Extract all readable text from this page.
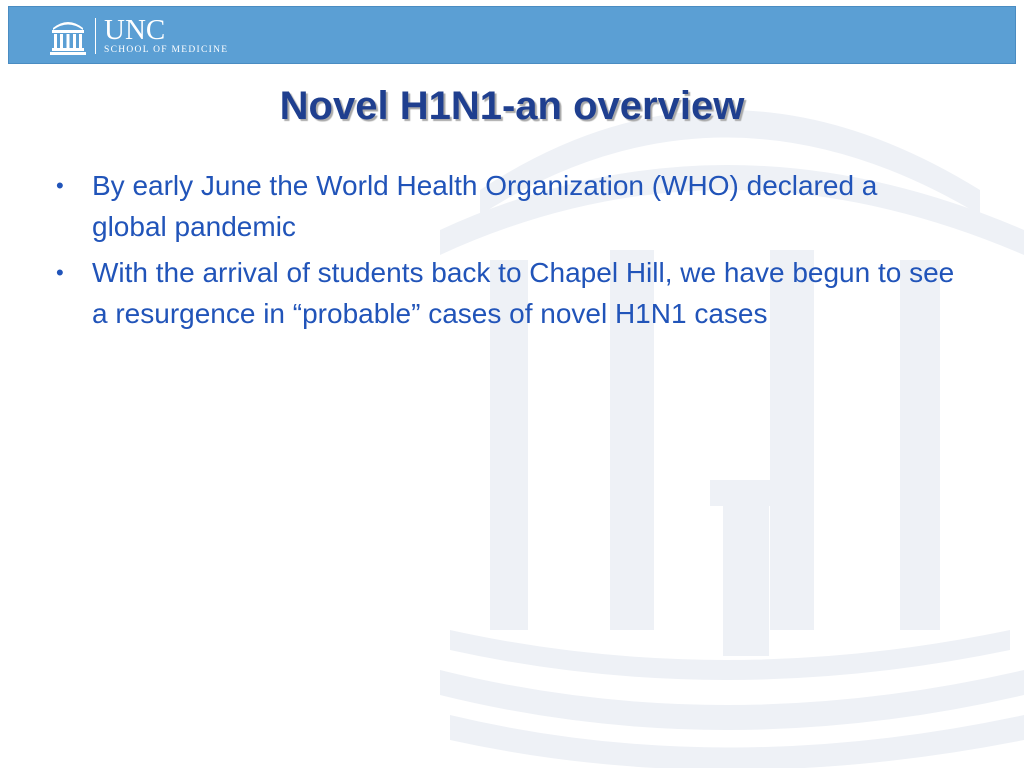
UNC
SCHOOL OF MEDICINE
Novel H1N1-an overview
• By early June the World Health Organization (WHO) declared a global pandemic
• With the arrival of students back to Chapel Hill, we have begun to see a resurgence in “probable” cases of novel H1N1 cases
